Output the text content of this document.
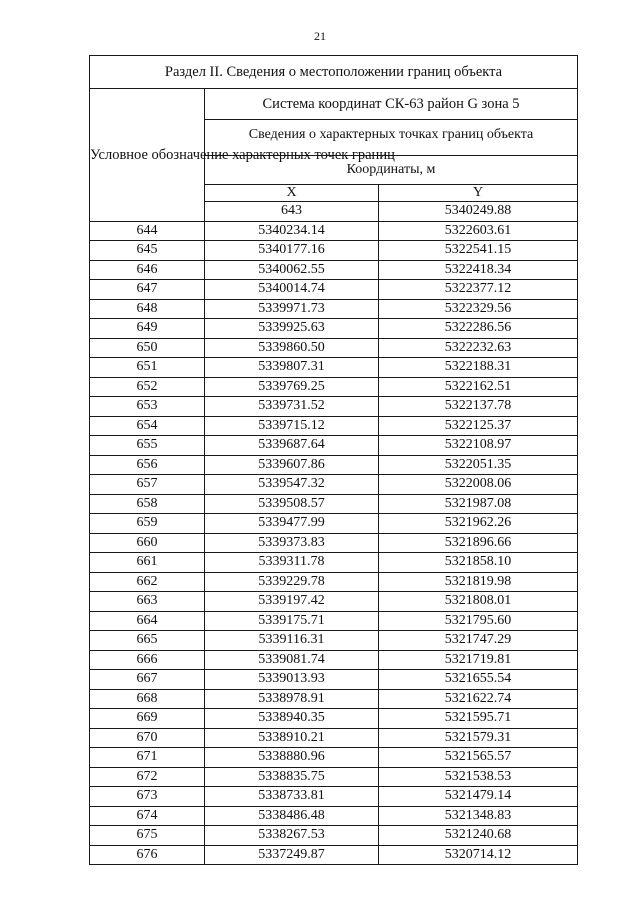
21
Раздел II. Сведения о местоположении границ объекта			
Условное обозначение характерных точек границ	Система координат СК-63 район G зона 5		
	Сведения о характерных точках границ объекта		
	Координаты, м		
	X	Y	
	643	5340249.88	
644	5340234.14	5322603.61	
645	5340177.16	5322541.15	
646	5340062.55	5322418.34	
647	5340014.74	5322377.12	
648	5339971.73	5322329.56	
649	5339925.63	5322286.56	
650	5339860.50	5322232.63	
651	5339807.31	5322188.31	
652	5339769.25	5322162.51	
653	5339731.52	5322137.78	
654	5339715.12	5322125.37	
655	5339687.64	5322108.97	
656	5339607.86	5322051.35	
657	5339547.32	5322008.06	
658	5339508.57	5321987.08	
659	5339477.99	5321962.26	
660	5339373.83	5321896.66	
661	5339311.78	5321858.10	
662	5339229.78	5321819.98	
663	5339197.42	5321808.01	
664	5339175.71	5321795.60	
665	5339116.31	5321747.29	
666	5339081.74	5321719.81	
667	5339013.93	5321655.54	
668	5338978.91	5321622.74	
669	5338940.35	5321595.71	
670	5338910.21	5321579.31	
671	5338880.96	5321565.57	
672	5338835.75	5321538.53	
673	5338733.81	5321479.14	
674	5338486.48	5321348.83	
675	5338267.53	5321240.68	
676	5337249.87	5320714.12	
